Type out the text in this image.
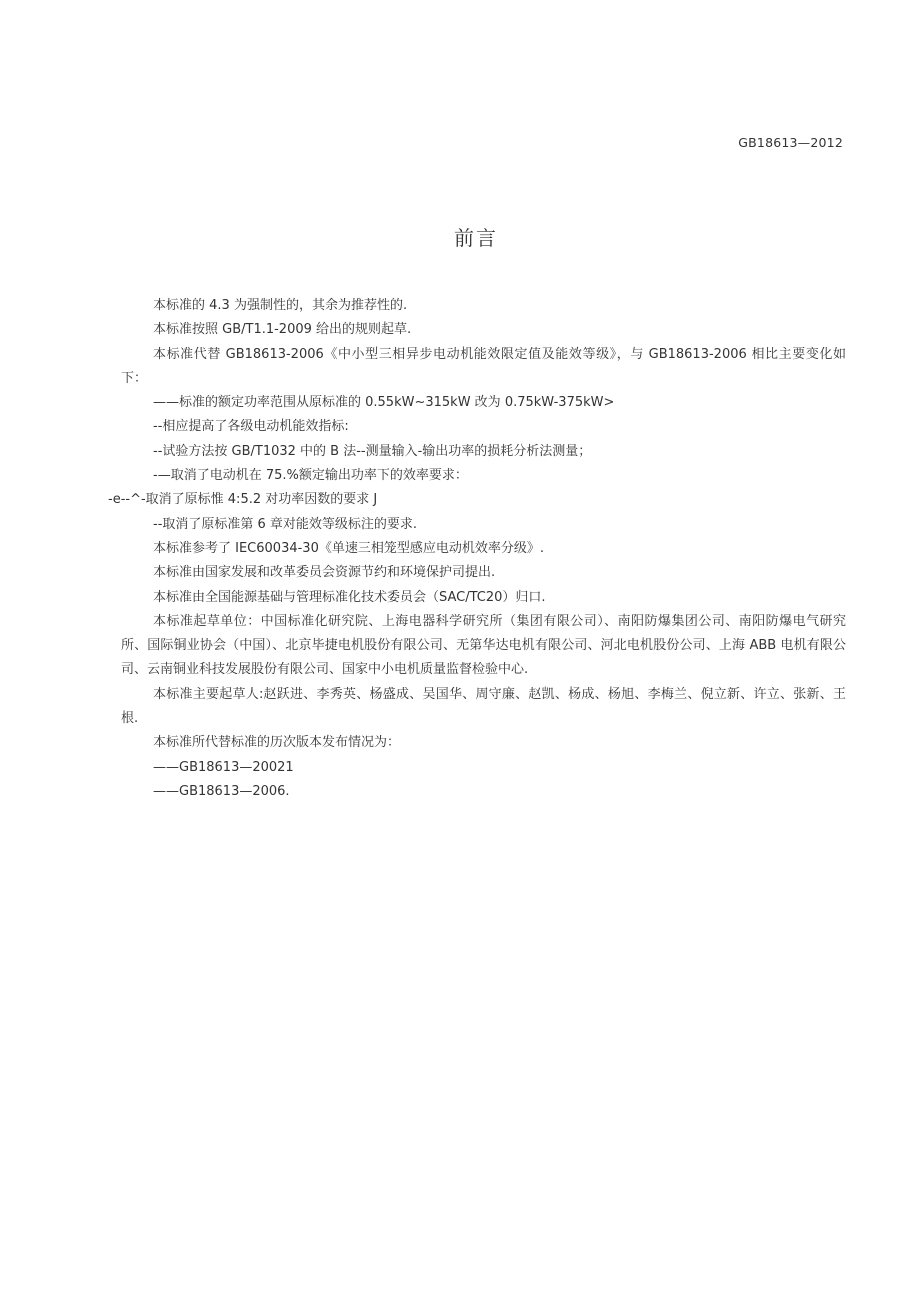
GB18613—2012
前言

本标准的 4.3 为强制性的，其余为推荐性的.

本标准按照 GB/T1.1-2009 给出的规则起草.

本标准代替 GB18613-2006《中小型三相异步电动机能效限定值及能效等级》，与 GB18613-2006 相比主要变化如下：

——标准的额定功率范围从原标准的 0.55kW~315kW 改为 0.75kW-375kW>

--相应提高了各级电动机能效指标:

--试验方法按 GB/T1032 中的 B 法--测量输入-输出功率的损耗分析法测量；

-—取消了电动机在 75.%额定输出功率下的效率要求：

-e--^-取消了原标惟 4:5.2 对功率因数的要求 J

--取消了原标准第 6 章对能效等级标注的要求.

本标准参考了 IEC60034-30《单速三相笼型感应电动机效率分级》.

本标准由国家发展和改革委员会资源节约和环境保护司提出.

本标准由全国能源基础与管理标准化技术委员会（SAC/TC20）归口.

本标准起草单位：中国标准化研究院、上海电器科学研究所（集团有限公司）、南阳防爆集团公司、南阳防爆电气研究所、国际铜业协会（中国）、北京毕捷电机股份有限公司、无第华达电机有限公司、河北电机股份公司、上海 ABB 电机有限公司、云南铜业科技发展股份有限公司、国家中小电机质量监督检验中心.

本标准主要起草人:赵跃进、李秀英、杨盛成、吴国华、周守廉、赵凯、杨成、杨旭、李梅兰、倪立新、许立、张新、王根.

本标准所代替标准的历次版本发布情况为：

——GB18613—20021

——GB18613—2006.
